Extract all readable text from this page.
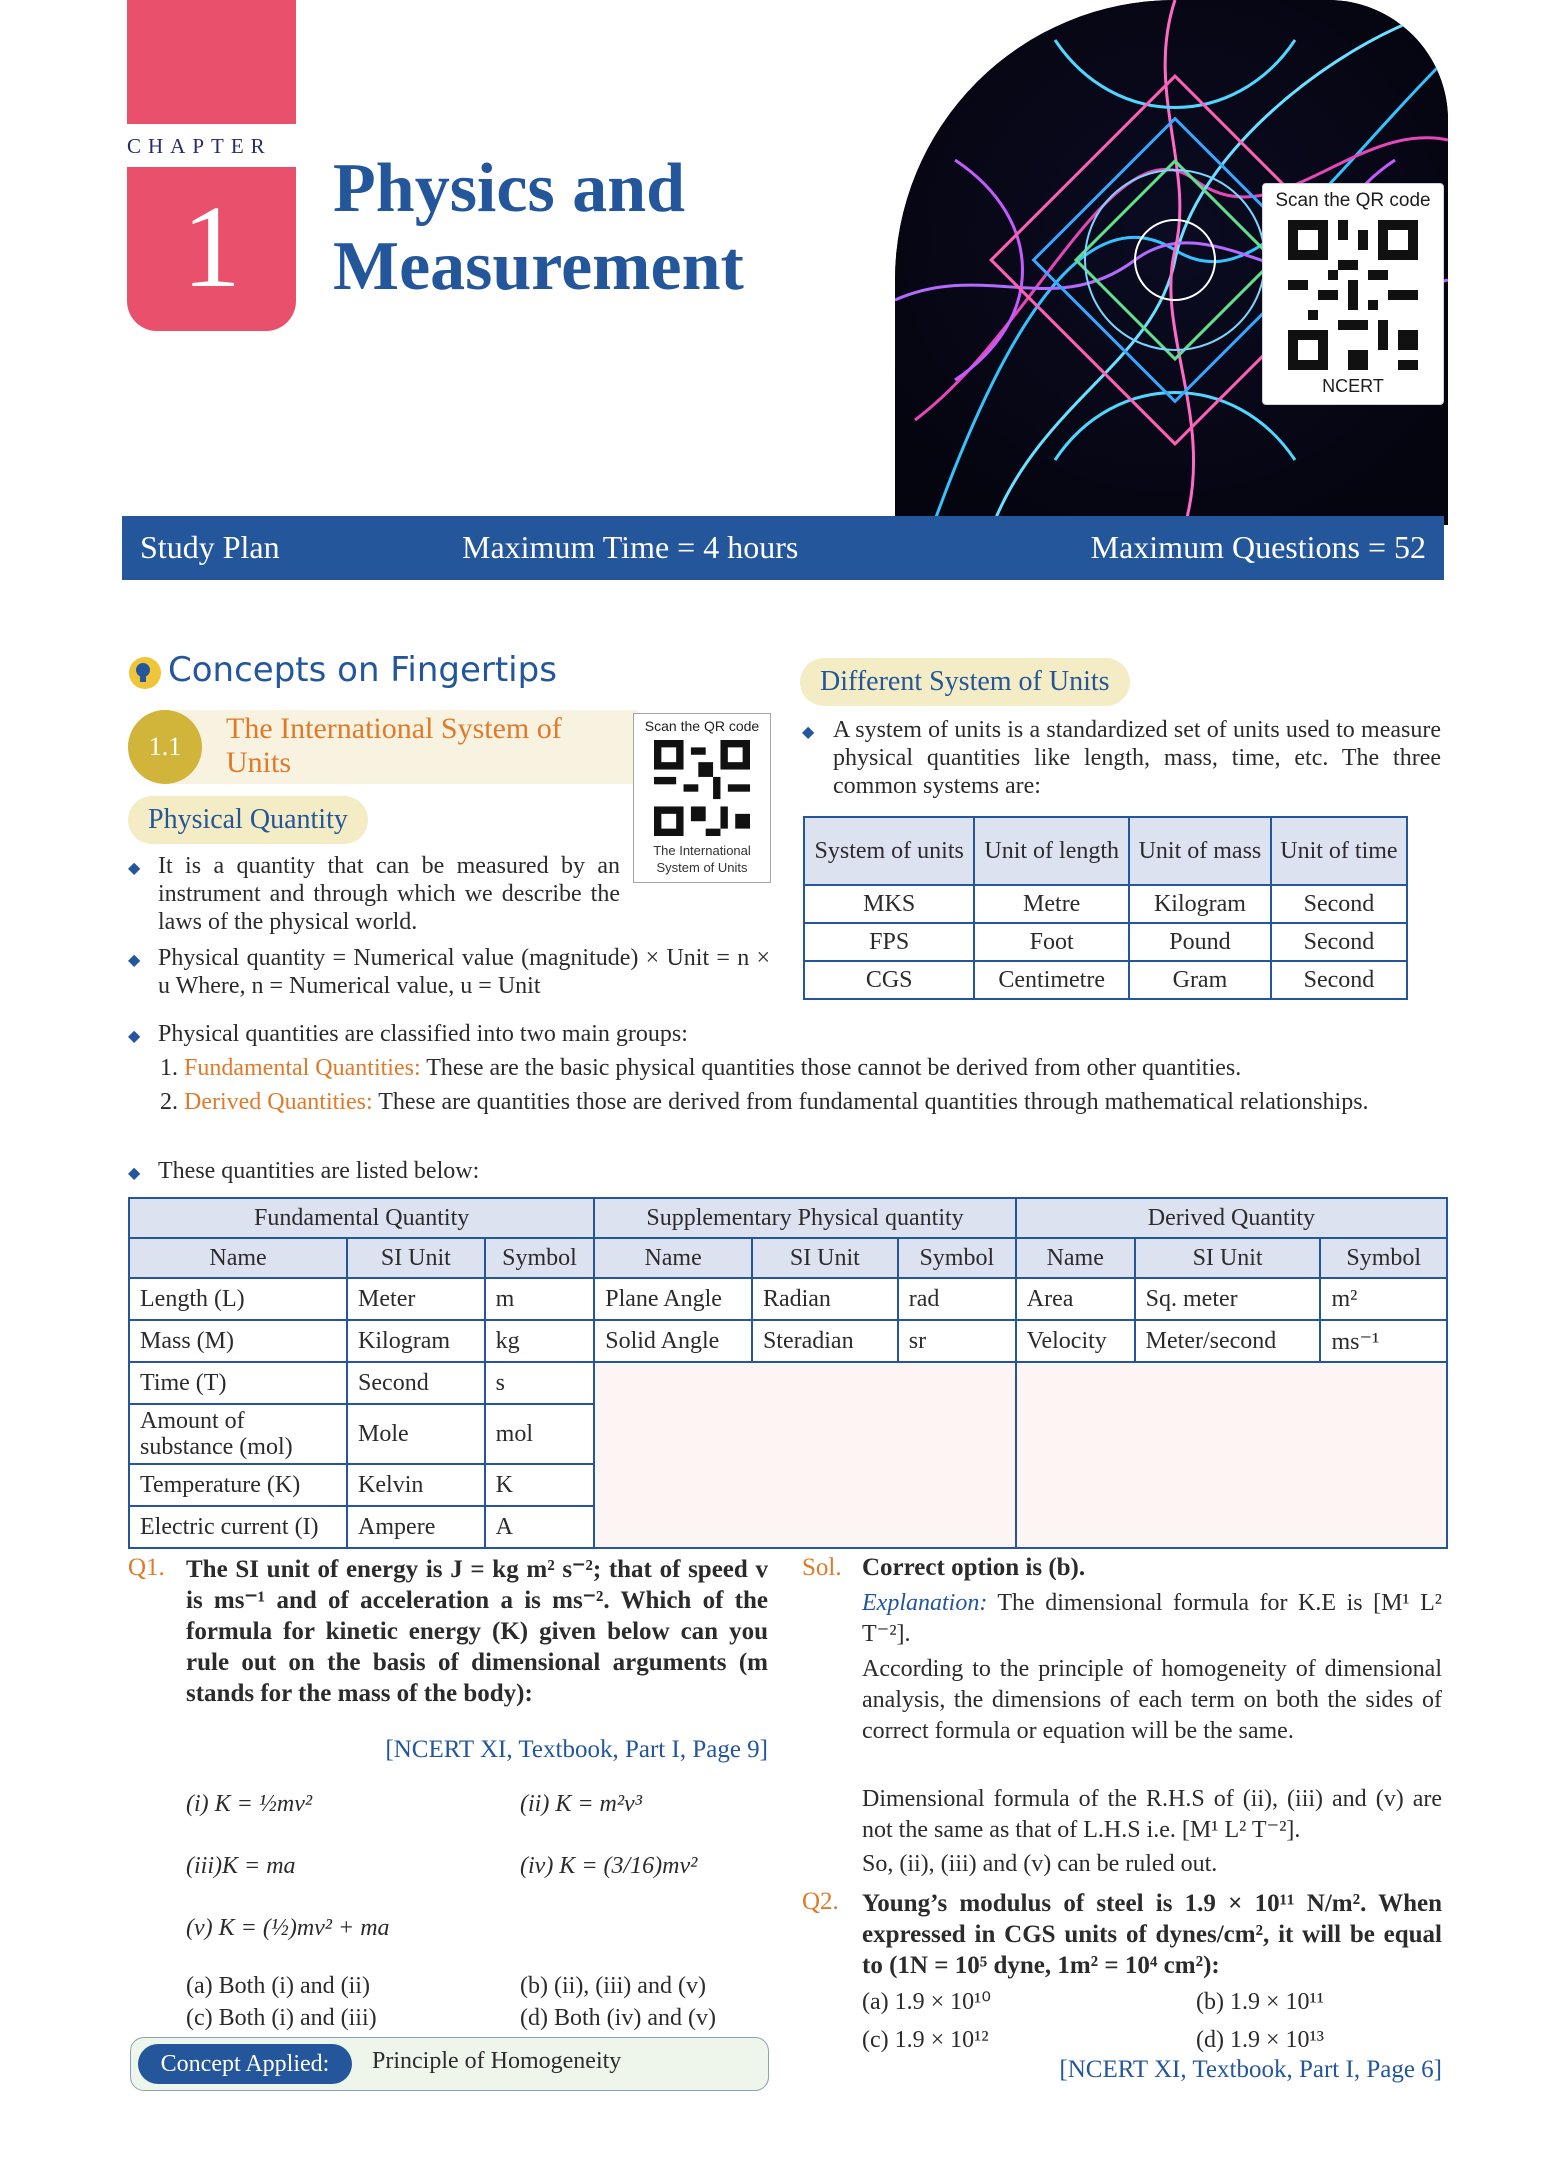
CHAPTER
1	Physics and
Measurement
Scan the QR code
NCERT
Study Plan	Maximum Time = 4 hours	Maximum Questions = 52
Concepts on Fingertips
1.1
The International System of
Units
Scan the QR code
The International
System of Units
Physical Quantity
◆ It is a quantity that can be measured by an instrument and through which we describe the laws of the physical world.
◆ Physical quantity = Numerical value (magnitude) × Unit = n × u Where, n = Numerical value, u = Unit
Different System of Units
◆ A system of units is a standardized set of units used to measure physical quantities like length, mass, time, etc. The three common systems are:
System of units	Unit of length	Unit of mass	Unit of time
MKS	Metre	Kilogram	Second
FPS	Foot	Pound	Second
CGS	Centimetre	Gram	Second
◆ Physical quantities are classified into two main groups:
1. Fundamental Quantities: These are the basic physical quantities those cannot be derived from other quantities.
2. Derived Quantities: These are quantities those are derived from fundamental quantities through mathematical relationships.
◆ These quantities are listed below:
Fundamental Quantity			Supplementary Physical quantity			Derived Quantity		
Name	SI Unit	Symbol	Name	SI Unit	Symbol	Name	SI Unit	Symbol
Length (L)	Meter	m	Plane Angle	Radian	rad	Area	Sq. meter	m²
Mass (M)	Kilogram	kg	Solid Angle	Steradian	sr	Velocity	Meter/second	ms⁻¹
Time (T)	Second	s						
Amount of substance (mol)	Mole	mol						
Temperature (K)	Kelvin	K						
Electric current (I)	Ampere	A						
Q1. The SI unit of energy is J = kg m² s⁻²; that of speed v is ms⁻¹ and of acceleration a is ms⁻². Which of the formula for kinetic energy (K) given below can you rule out on the basis of dimensional arguments (m stands for the mass of the body):
[NCERT XI, Textbook, Part I, Page 9]
(i) K = ½mv²	(ii) K = m²v³
(iii)K = ma	(iv) K = (3/16)mv²
(v) K = (½)mv² + ma
(a) Both (i) and (ii)	(b) (ii), (iii) and (v)
(c) Both (i) and (iii)	(d) Both (iv) and (v)
Concept Applied:	Principle of Homogeneity
Sol. Correct option is (b).
Explanation: The dimensional formula for K.E is [M¹ L² T⁻²].
According to the principle of homogeneity of dimensional analysis, the dimensions of each term on both the sides of correct formula or equation will be the same.
Dimensional formula of the R.H.S of (ii), (iii) and (v) are not the same as that of L.H.S i.e. [M¹ L² T⁻²].
So, (ii), (iii) and (v) can be ruled out.
Q2. Young’s modulus of steel is 1.9 × 10¹¹ N/m². When expressed in CGS units of dynes/cm², it will be equal to (1N = 10⁵ dyne, 1m² = 10⁴ cm²):
(a) 1.9 × 10¹⁰	(b) 1.9 × 10¹¹
(c) 1.9 × 10¹²	(d) 1.9 × 10¹³
[NCERT XI, Textbook, Part I, Page 6]
